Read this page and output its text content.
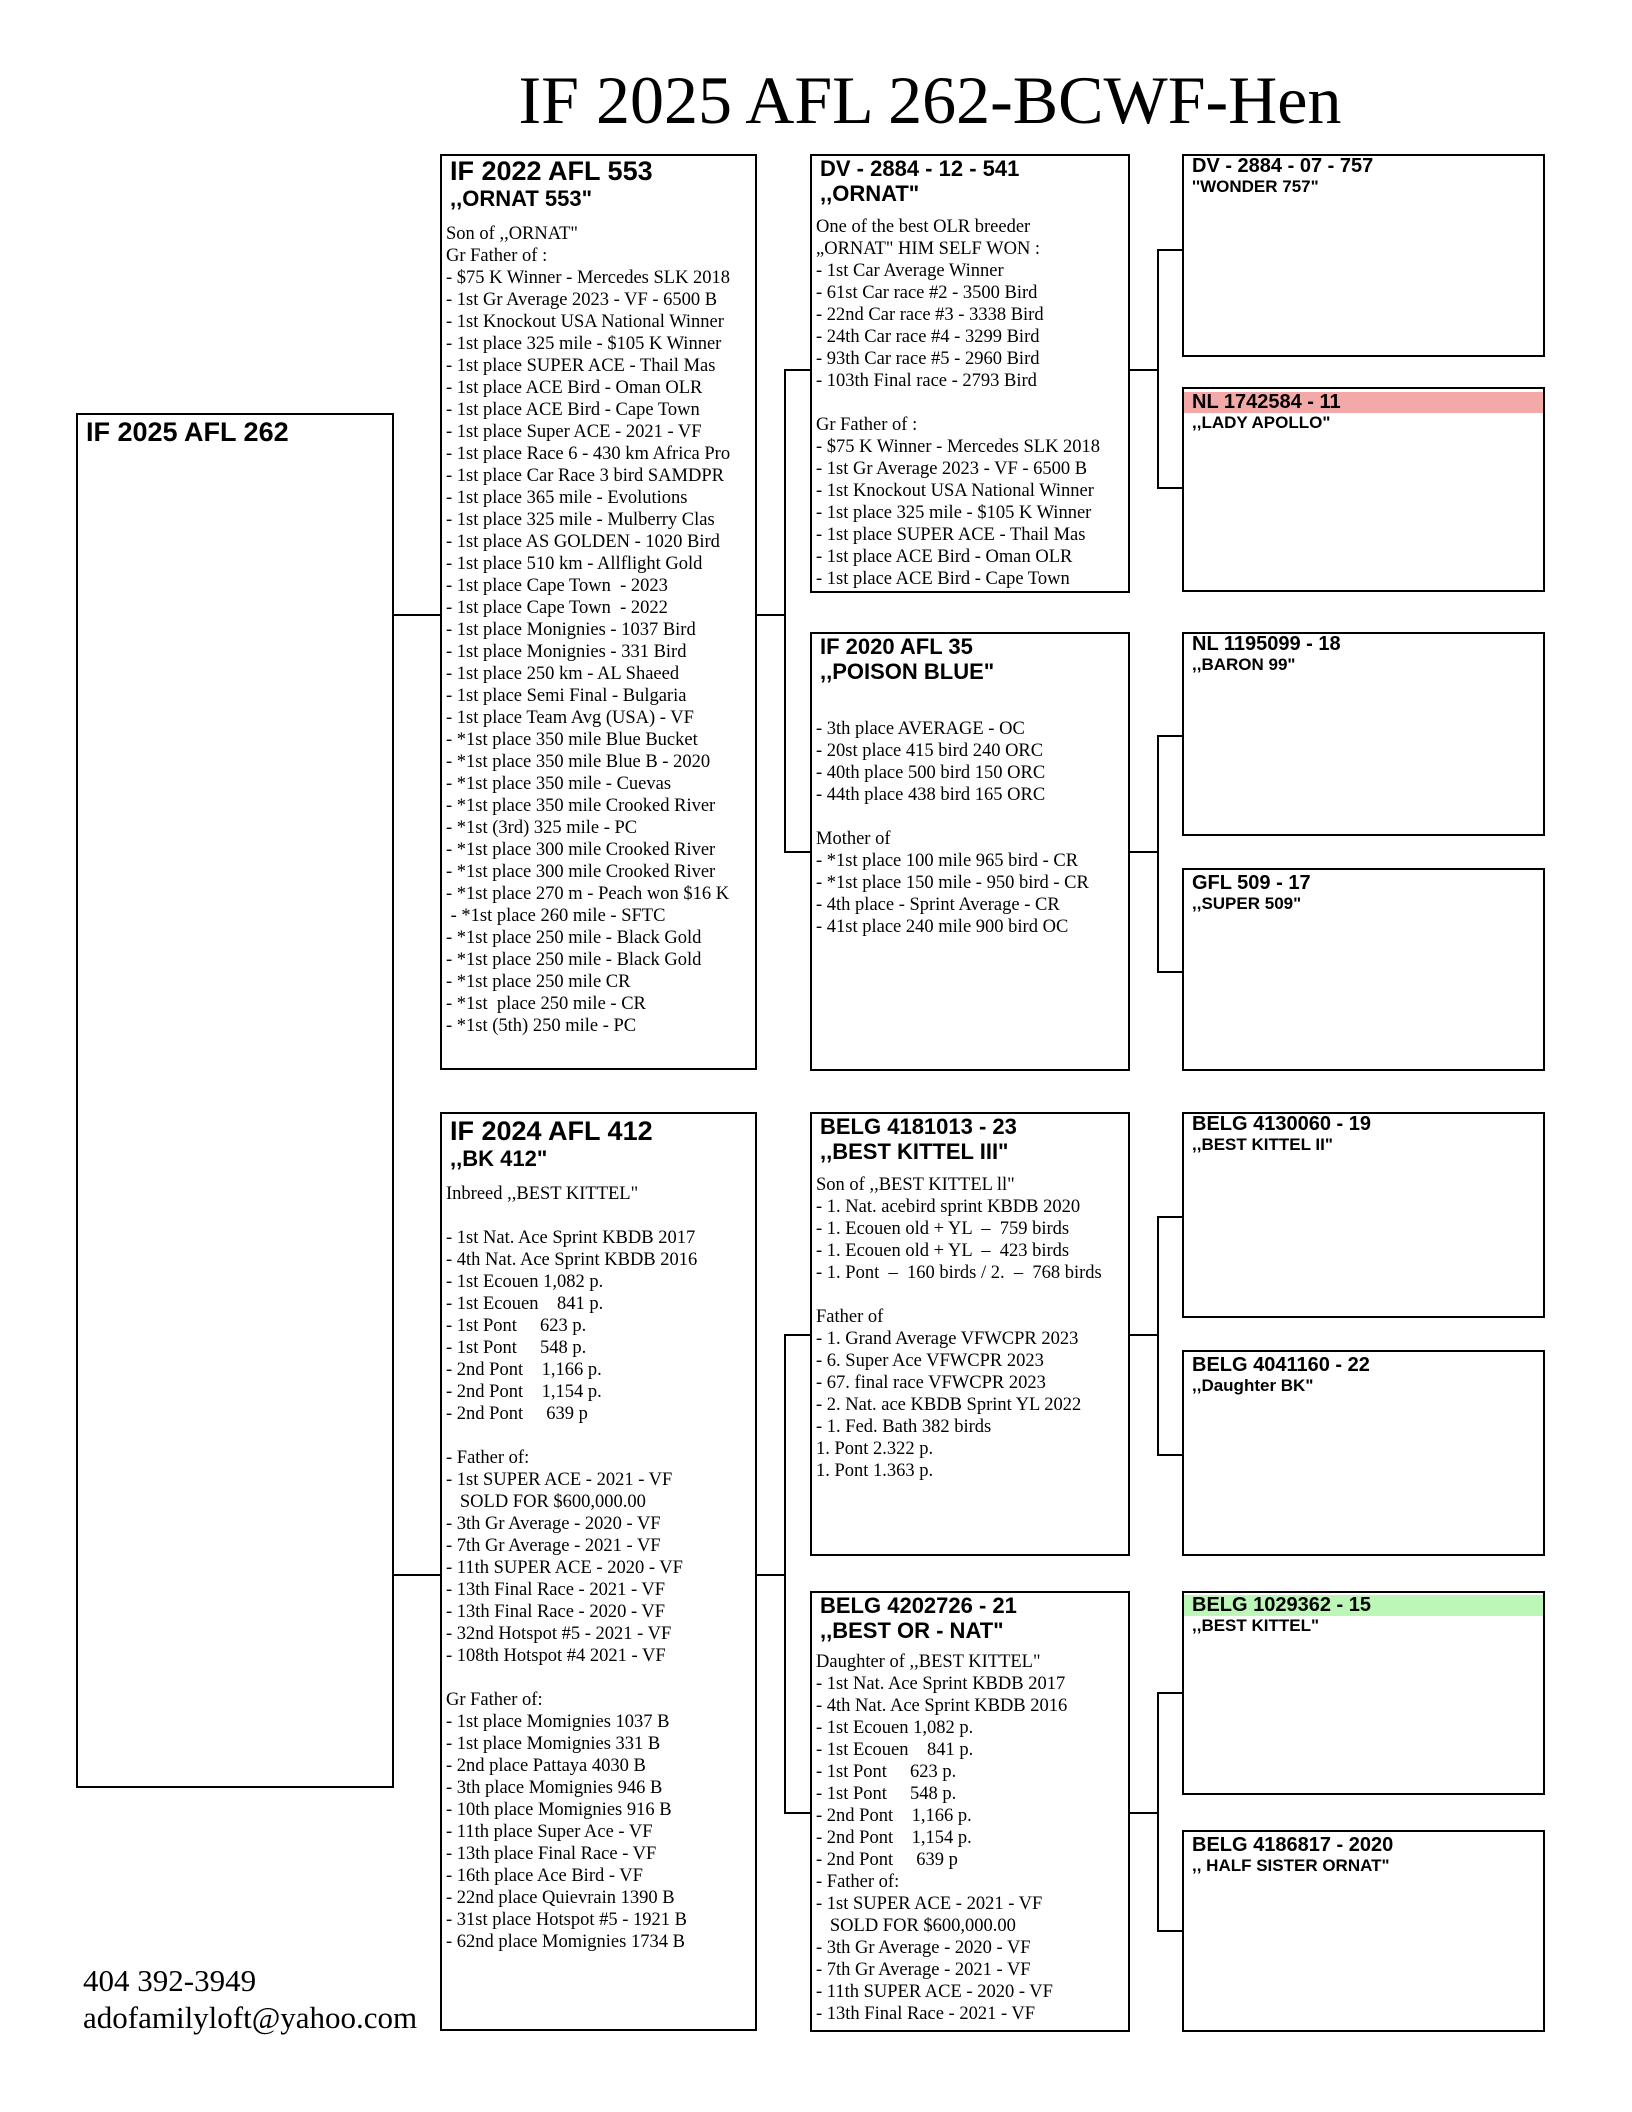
IF 2025 AFL 262-BCWF-Hen
IF 2025 AFL 262
IF 2022 AFL 553
,,ORNAT 553"
Son of ,,ORNAT"
Gr Father of :
- $75 K Winner - Mercedes SLK 2018
- 1st Gr Average 2023 - VF - 6500 B
- 1st Knockout USA National Winner
- 1st place 325 mile - $105 K Winner
- 1st place SUPER ACE - Thail Mas
- 1st place ACE Bird - Oman OLR
- 1st place ACE Bird - Cape Town
- 1st place Super ACE - 2021 - VF
- 1st place Race 6 - 430 km Africa Pro
- 1st place Car Race 3 bird SAMDPR
- 1st place 365 mile - Evolutions
- 1st place 325 mile - Mulberry Clas
- 1st place AS GOLDEN - 1020 Bird
- 1st place 510 km - Allflight Gold
- 1st place Cape Town  - 2023
- 1st place Cape Town  - 2022
- 1st place Monignies - 1037 Bird
- 1st place Monignies - 331 Bird
- 1st place 250 km - AL Shaeed
- 1st place Semi Final - Bulgaria
- 1st place Team Avg (USA) - VF
- *1st place 350 mile Blue Bucket
- *1st place 350 mile Blue B - 2020
- *1st place 350 mile - Cuevas
- *1st place 350 mile Crooked River
- *1st (3rd) 325 mile - PC
- *1st place 300 mile Crooked River
- *1st place 300 mile Crooked River
- *1st place 270 m - Peach won $16 K
- *1st place 260 mile - SFTC
- *1st place 250 mile - Black Gold
- *1st place 250 mile - Black Gold
- *1st place 250 mile CR
- *1st  place 250 mile - CR
- *1st (5th) 250 mile - PC
IF 2024 AFL 412
,,BK 412"
Inbreed ,,BEST KITTEL"

- 1st Nat. Ace Sprint KBDB 2017
- 4th Nat. Ace Sprint KBDB 2016
- 1st Ecouen 1,082 p.
- 1st Ecouen    841 p.
- 1st Pont     623 p.
- 1st Pont     548 p.
- 2nd Pont    1,166 p.
- 2nd Pont    1,154 p.
- 2nd Pont     639 p

- Father of:
- 1st SUPER ACE - 2021 - VF
SOLD FOR $600,000.00
- 3th Gr Average - 2020 - VF
- 7th Gr Average - 2021 - VF
- 11th SUPER ACE - 2020 - VF
- 13th Final Race - 2021 - VF
- 13th Final Race - 2020 - VF
- 32nd Hotspot #5 - 2021 - VF
- 108th Hotspot #4 2021 - VF

Gr Father of:
- 1st place Momignies 1037 B
- 1st place Momignies 331 B
- 2nd place Pattaya 4030 B
- 3th place Momignies 946 B
- 10th place Momignies 916 B
- 11th place Super Ace - VF
- 13th place Final Race - VF
- 16th place Ace Bird - VF
- 22nd place Quievrain 1390 B
- 31st place Hotspot #5 - 1921 B
- 62nd place Momignies 1734 B
DV - 2884 - 12 - 541
,,ORNAT"
One of the best OLR breeder
„ORNAT" HIM SELF WON :
- 1st Car Average Winner
- 61st Car race #2 - 3500 Bird
- 22nd Car race #3 - 3338 Bird
- 24th Car race #4 - 3299 Bird
- 93th Car race #5 - 2960 Bird
- 103th Final race - 2793 Bird

Gr Father of :
- $75 K Winner - Mercedes SLK 2018
- 1st Gr Average 2023 - VF - 6500 B
- 1st Knockout USA National Winner
- 1st place 325 mile - $105 K Winner
- 1st place SUPER ACE - Thail Mas
- 1st place ACE Bird - Oman OLR
- 1st place ACE Bird - Cape Town
IF 2020 AFL 35
,,POISON BLUE"

- 3th place AVERAGE - OC
- 20st place 415 bird 240 ORC
- 40th place 500 bird 150 ORC
- 44th place 438 bird 165 ORC

Mother of
- *1st place 100 mile 965 bird - CR
- *1st place 150 mile - 950 bird - CR
- 4th place - Sprint Average - CR
- 41st place 240 mile 900 bird OC
BELG 4181013 - 23
,,BEST KITTEL III"
Son of ,,BEST KITTEL ll"
- 1. Nat. acebird sprint KBDB 2020
- 1. Ecouen old + YL  –  759 birds
- 1. Ecouen old + YL  –  423 birds
- 1. Pont  –  160 birds / 2.  –  768 birds

Father of
- 1. Grand Average VFWCPR 2023
- 6. Super Ace VFWCPR 2023
- 67. final race VFWCPR 2023
- 2. Nat. ace KBDB Sprint YL 2022
- 1. Fed. Bath 382 birds
1. Pont 2.322 p.
1. Pont 1.363 p.
BELG 4202726 - 21
,,BEST OR - NAT"
Daughter of ,,BEST KITTEL"
- 1st Nat. Ace Sprint KBDB 2017
- 4th Nat. Ace Sprint KBDB 2016
- 1st Ecouen 1,082 p.
- 1st Ecouen    841 p.
- 1st Pont     623 p.
- 1st Pont     548 p.
- 2nd Pont    1,166 p.
- 2nd Pont    1,154 p.
- 2nd Pont     639 p
- Father of:
- 1st SUPER ACE - 2021 - VF
SOLD FOR $600,000.00
- 3th Gr Average - 2020 - VF
- 7th Gr Average - 2021 - VF
- 11th SUPER ACE - 2020 - VF
- 13th Final Race - 2021 - VF
DV - 2884 - 07 - 757
''WONDER 757"
NL 1742584 - 11
,,LADY APOLLO"
NL 1195099 - 18
,,BARON 99"
GFL 509 - 17
,,SUPER 509"
BELG 4130060 - 19
,,BEST KITTEL II"
BELG 4041160 - 22
,,Daughter BK"
BELG 1029362 - 15
,,BEST KITTEL"
BELG 4186817 - 2020
,, HALF SISTER ORNAT"
404 392-3949
adofamilyloft@yahoo.com
